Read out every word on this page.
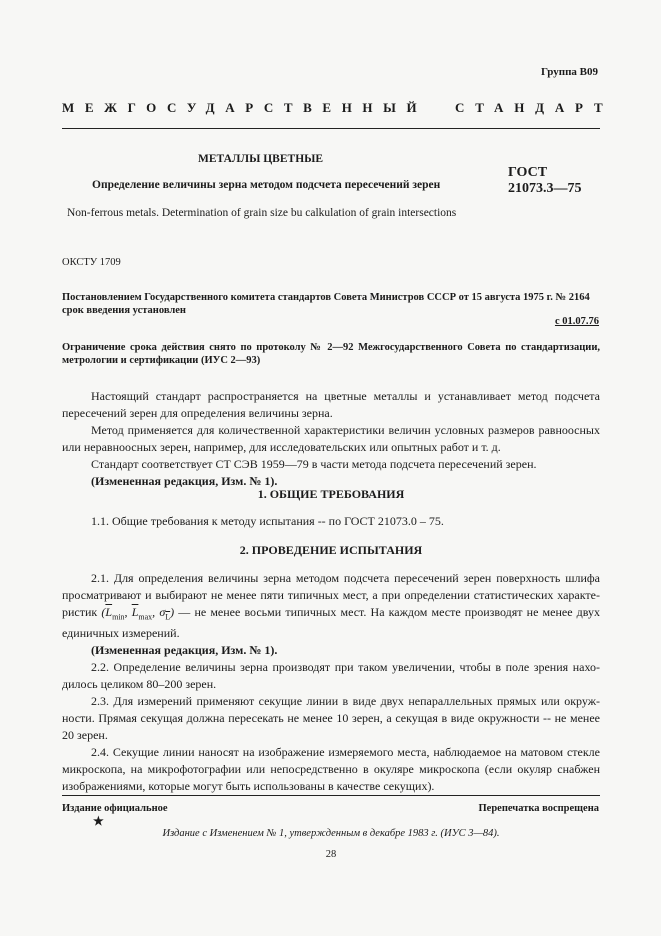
Группа В09
МЕЖГОСУДАРСТВЕННЫЙ СТАНДАРТ
МЕТАЛЛЫ ЦВЕТНЫЕ
Определение величины зерна методом подсчета пересечений зерен
ГОСТ
21073.3—75
Non-ferrous metals. Determination of grain size bu calkulation of grain intersections
ОКСТУ 1709
Постановлением Государственного комитета стандартов Совета Министров СССР от 15 августа 1975 г. № 2164 срок введения установлен
с 01.07.76
Ограничение срока действия снято по протоколу № 2—92 Межгосударственного Совета по стандартизации, метрологии и сертификации (ИУС 2—93)

Настоящий стандарт распространяется на цветные металлы и устанавливает метод подсчета пересечений зерен для определения величины зерна.

Метод применяется для количественной характеристики величин условных размеров равноосных или неравноосных зерен, например, для исследовательских или опытных работ и т. д.

Стандарт соответствует СТ СЭВ 1959—79 в части метода подсчета пересечений зерен.

(Измененная редакция, Изм. № 1).

1. ОБЩИЕ ТРЕБОВАНИЯ

1.1. Общие требования к методу испытания -- по ГОСТ 21073.0 – 75.

2. ПРОВЕДЕНИЕ ИСПЫТАНИЯ

2.1. Для определения величины зерна методом подсчета пересечений зерен поверхность шлифа просматривают и выбирают не менее пяти типичных мест, а при определении статистических характе-ристик ($\overline{L}_{min}$, $\overline{L}_{max}$, $\sigma_{\overline{L}}$) — не менее восьми типичных мест. На каждом месте производят не менее двух единичных измерений.

(Измененная редакция, Изм. № 1).

2.2. Определение величины зерна производят при таком увеличении, чтобы в поле зрения нахо-дилось целиком 80–200 зерен.

2.3. Для измерений применяют секущие линии в виде двух непараллельных прямых или окруж-ности. Прямая секущая должна пересекать не менее 10 зерен, а секущая в виде окружности -- не менее 20 зерен.

2.4. Секущие линии наносят на изображение измеряемого места, наблюдаемое на матовом стекле микроскопа, на микрофотографии или непосредственно в окуляре микроскопа (если окуляр снабжен изображениями, которые могут быть использованы в качестве секущих).

Издание официальное	Перепечатка воспрещена
★
Издание с Изменением № 1, утвержденным в декабре 1983 г. (ИУС 3—84).
28
